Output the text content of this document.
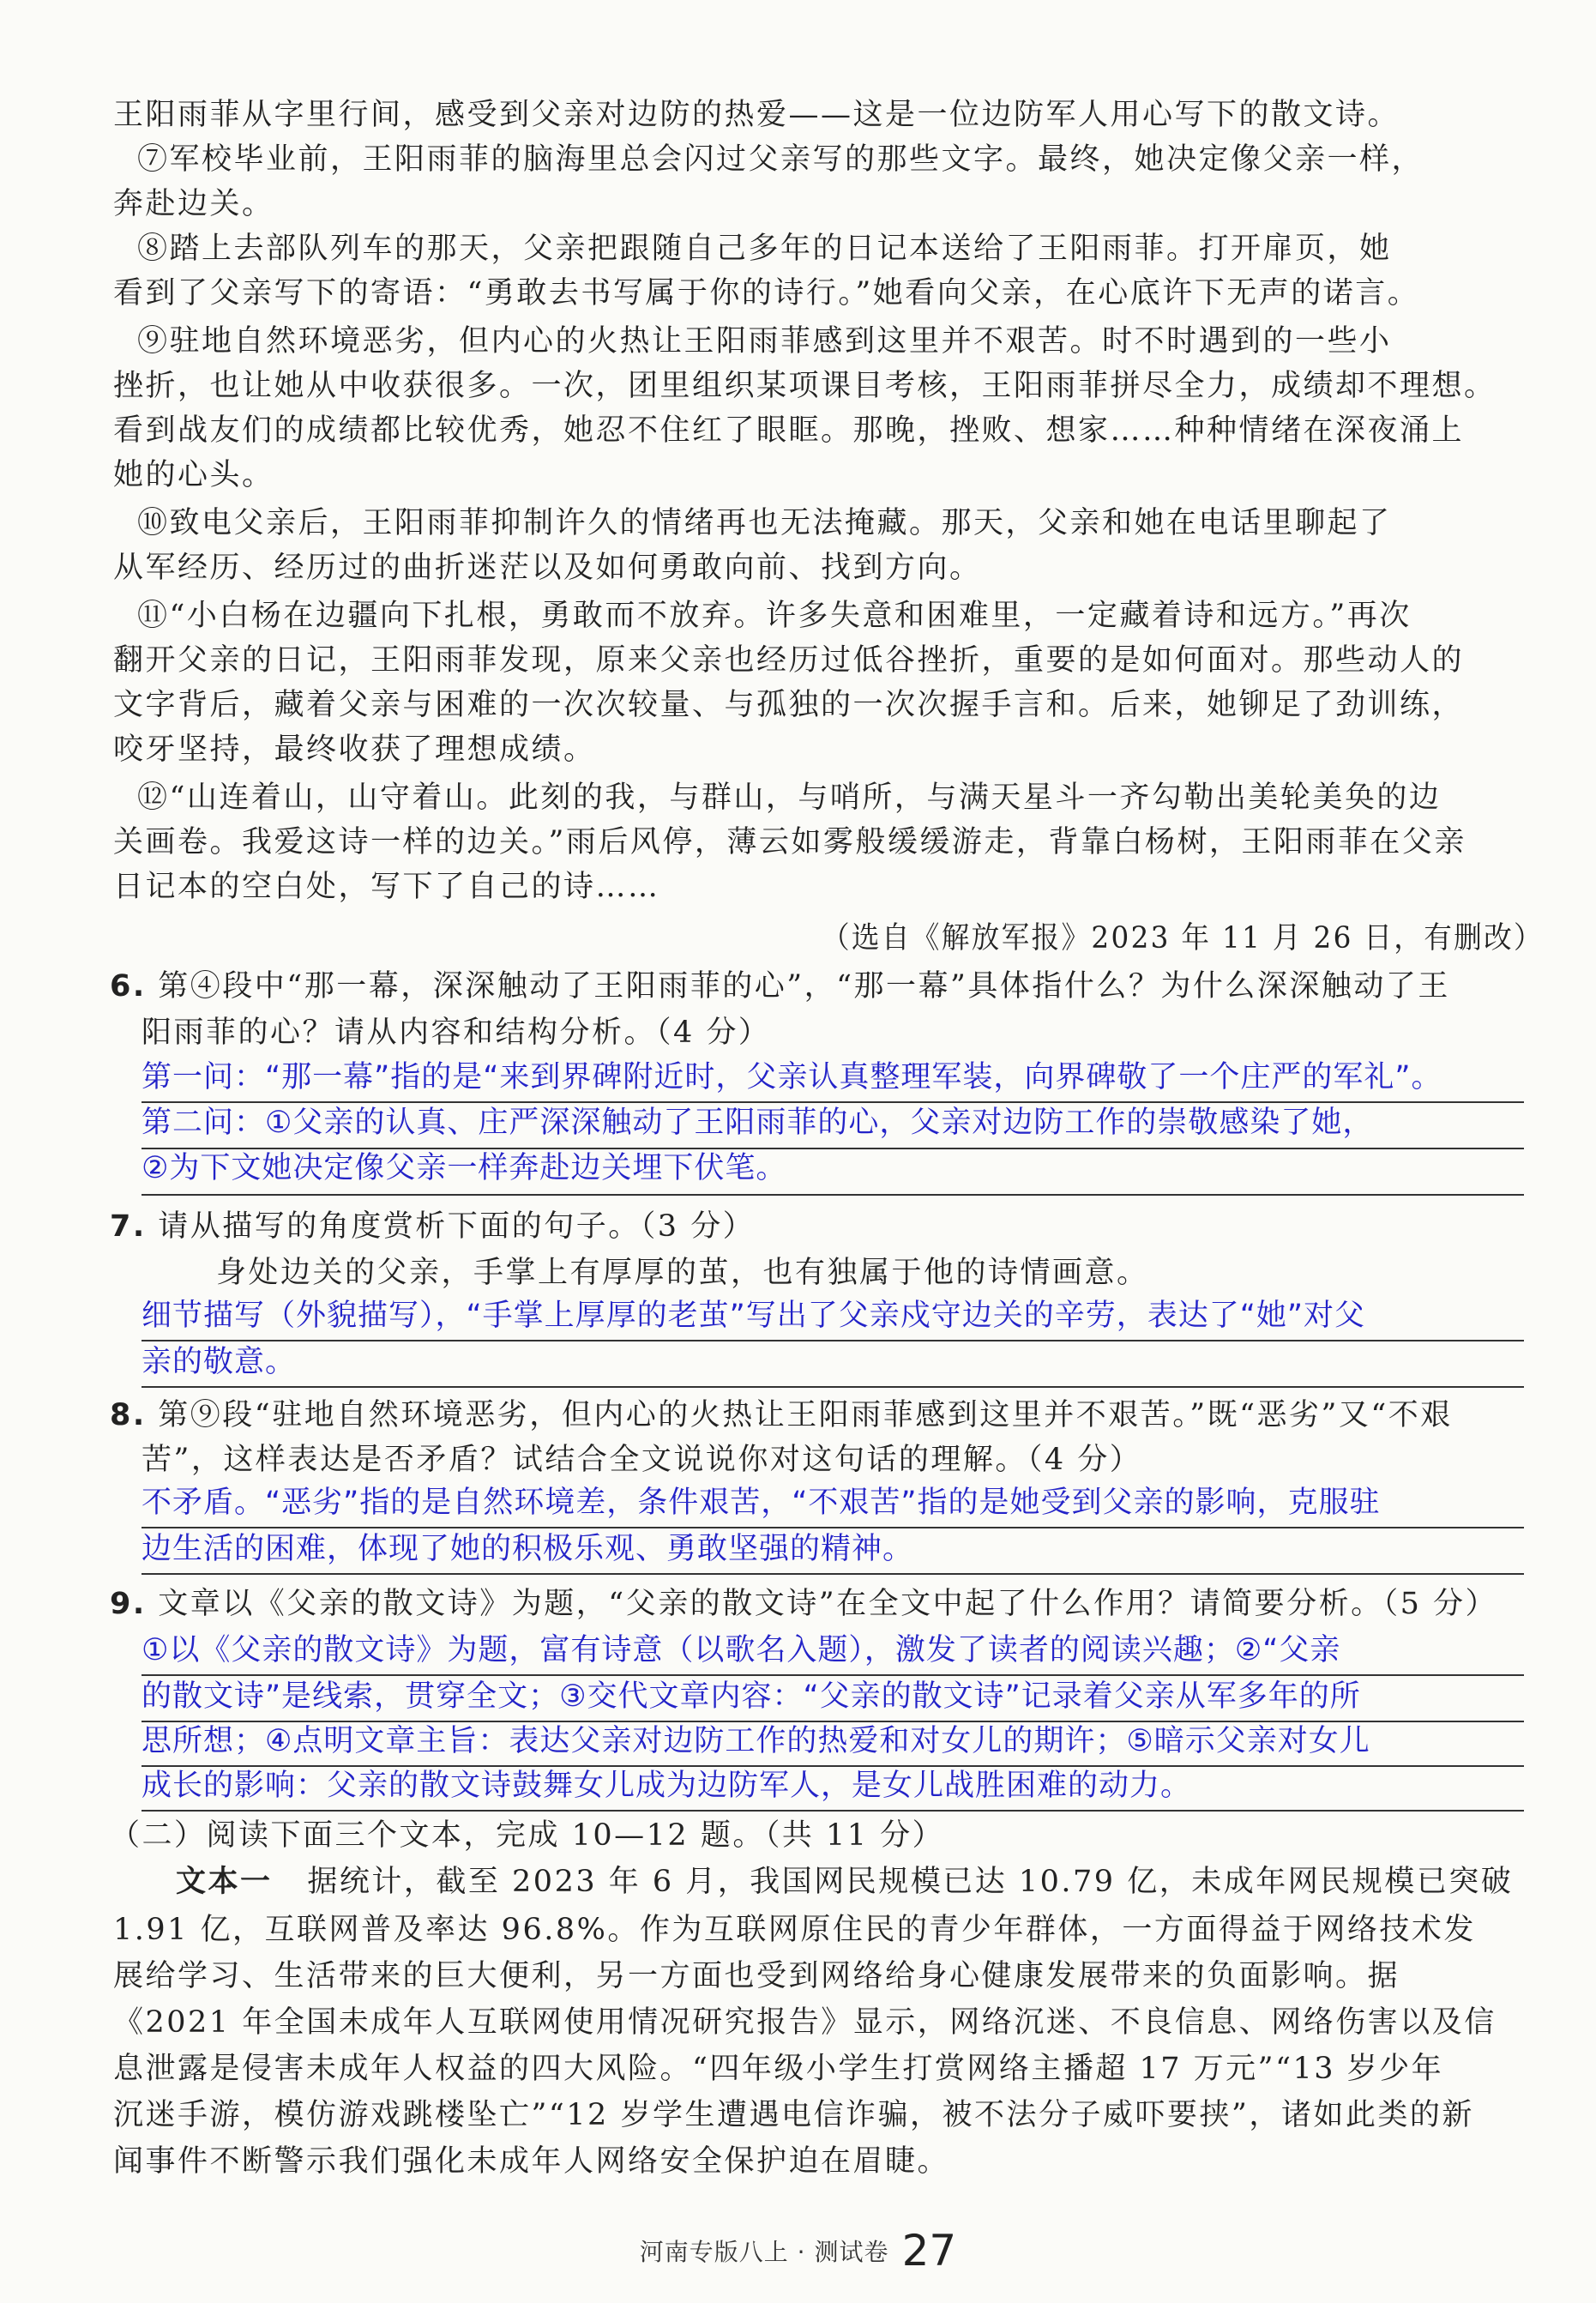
王阳雨菲从字里行间，感受到父亲对边防的热爱——这是一位边防军人用心写下的散文诗。
⑦军校毕业前，王阳雨菲的脑海里总会闪过父亲写的那些文字。最终，她决定像父亲一样，
奔赴边关。
⑧踏上去部队列车的那天，父亲把跟随自己多年的日记本送给了王阳雨菲。打开扉页，她
看到了父亲写下的寄语：“勇敢去书写属于你的诗行。”她看向父亲，在心底许下无声的诺言。
⑨驻地自然环境恶劣，但内心的火热让王阳雨菲感到这里并不艰苦。时不时遇到的一些小
挫折，也让她从中收获很多。一次，团里组织某项课目考核，王阳雨菲拼尽全力，成绩却不理想。
看到战友们的成绩都比较优秀，她忍不住红了眼眶。那晚，挫败、想家……种种情绪在深夜涌上
她的心头。
⑩致电父亲后，王阳雨菲抑制许久的情绪再也无法掩藏。那天，父亲和她在电话里聊起了
从军经历、经历过的曲折迷茫以及如何勇敢向前、找到方向。
⑪“小白杨在边疆向下扎根，勇敢而不放弃。许多失意和困难里，一定藏着诗和远方。”再次
翻开父亲的日记，王阳雨菲发现，原来父亲也经历过低谷挫折，重要的是如何面对。那些动人的
文字背后，藏着父亲与困难的一次次较量、与孤独的一次次握手言和。后来，她铆足了劲训练，
咬牙坚持，最终收获了理想成绩。
⑫“山连着山，山守着山。此刻的我，与群山，与哨所，与满天星斗一齐勾勒出美轮美奂的边
关画卷。我爱这诗一样的边关。”雨后风停，薄云如雾般缓缓游走，背靠白杨树，王阳雨菲在父亲
日记本的空白处，写下了自己的诗……
（选自《解放军报》2023 年 11 月 26 日，有删改）
6. 第④段中“那一幕，深深触动了王阳雨菲的心”，“那一幕”具体指什么？为什么深深触动了王
阳雨菲的心？请从内容和结构分析。（4 分）
第一问：“那一幕”指的是“来到界碑附近时，父亲认真整理军装，向界碑敬了一个庄严的军礼”。
第二问：①父亲的认真、庄严深深触动了王阳雨菲的心，父亲对边防工作的崇敬感染了她，
②为下文她决定像父亲一样奔赴边关埋下伏笔。
7. 请从描写的角度赏析下面的句子。（3 分）
身处边关的父亲，手掌上有厚厚的茧，也有独属于他的诗情画意。
细节描写（外貌描写），“手掌上厚厚的老茧”写出了父亲戍守边关的辛劳，表达了“她”对父
亲的敬意。
8. 第⑨段“驻地自然环境恶劣，但内心的火热让王阳雨菲感到这里并不艰苦。”既“恶劣”又“不艰
苦”，这样表达是否矛盾？试结合全文说说你对这句话的理解。（4 分）
不矛盾。“恶劣”指的是自然环境差，条件艰苦，“不艰苦”指的是她受到父亲的影响，克服驻
边生活的困难，体现了她的积极乐观、勇敢坚强的精神。
9. 文章以《父亲的散文诗》为题，“父亲的散文诗”在全文中起了什么作用？请简要分析。（5 分）
①以《父亲的散文诗》为题，富有诗意（以歌名入题），激发了读者的阅读兴趣；②“父亲
的散文诗”是线索，贯穿全文；③交代文章内容：“父亲的散文诗”记录着父亲从军多年的所
思所想；④点明文章主旨：表达父亲对边防工作的热爱和对女儿的期许；⑤暗示父亲对女儿
成长的影响：父亲的散文诗鼓舞女儿成为边防军人，是女儿战胜困难的动力。
（二）阅读下面三个文本，完成 10—12 题。（共 11 分）
文本一 据统计，截至 2023 年 6 月，我国网民规模已达 10.79 亿，未成年网民规模已突破
1.91 亿，互联网普及率达 96.8%。作为互联网原住民的青少年群体，一方面得益于网络技术发
展给学习、生活带来的巨大便利，另一方面也受到网络给身心健康发展带来的负面影响。据
《2021 年全国未成年人互联网使用情况研究报告》显示，网络沉迷、不良信息、网络伤害以及信
息泄露是侵害未成年人权益的四大风险。“四年级小学生打赏网络主播超 17 万元”“13 岁少年
沉迷手游，模仿游戏跳楼坠亡”“12 岁学生遭遇电信诈骗，被不法分子威吓要挟”，诸如此类的新
闻事件不断警示我们强化未成年人网络安全保护迫在眉睫。
河南专版八上 · 测试卷 27
